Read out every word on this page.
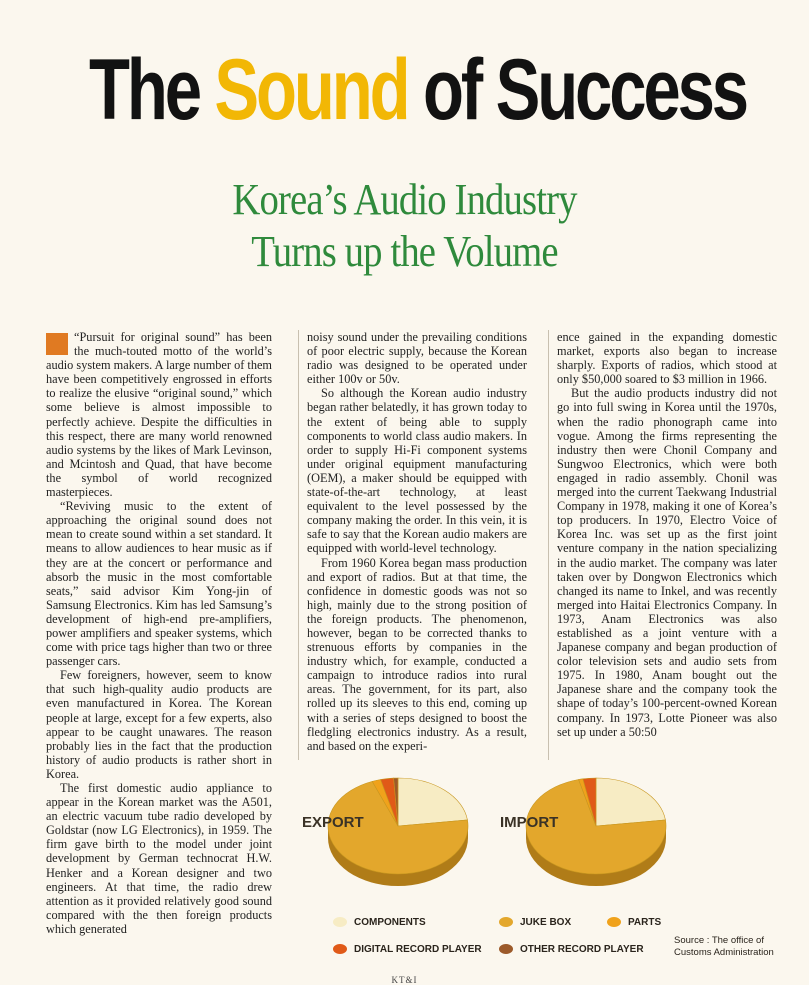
The Sound of Success
Korea’s Audio Industry
Turns up the Volume

“Pursuit for original sound” has been the much-touted motto of the world’s audio system makers. A large number of them have been competitively engrossed in efforts to realize the elusive “original sound,” which some believe is almost impossible to perfectly achieve. Despite the difficulties in this respect, there are many world renowned audio systems by the likes of Mark Levinson, and Mcintosh and Quad, that have become the symbol of world recognized masterpieces.

“Reviving music to the extent of approaching the original sound does not mean to create sound within a set standard. It means to allow audiences to hear music as if they are at the concert or performance and absorb the music in the most comfortable seats,” said advisor Kim Yong-jin of Samsung Electronics. Kim has led Samsung’s development of high-end pre-amplifiers, power amplifiers and speaker systems, which come with price tags higher than two or three passenger cars.

Few foreigners, however, seem to know that such high-quality audio products are even manufactured in Korea. The Korean people at large, except for a few experts, also appear to be caught unawares. The reason probably lies in the fact that the production history of audio products is rather short in Korea.

The first domestic audio appliance to appear in the Korean market was the A501, an electric vacuum tube radio developed by Goldstar (now LG Electronics), in 1959. The firm gave birth to the model under joint development by German technocrat H.W. Henker and a Korean designer and two engineers. At that time, the radio drew attention as it provided relatively good sound compared with the then foreign products which generated

noisy sound under the prevailing conditions of poor electric supply, because the Korean radio was designed to be operated under either 100v or 50v.

So although the Korean audio industry began rather belatedly, it has grown today to the extent of being able to supply components to world class audio makers. In order to supply Hi-Fi component systems under original equipment manufacturing (OEM), a maker should be equipped with state-of-the-art technology, at least equivalent to the level possessed by the company making the order. In this vein, it is safe to say that the Korean audio makers are equipped with world-level technology.

From 1960 Korea began mass production and export of radios. But at that time, the confidence in domestic goods was not so high, mainly due to the strong position of the foreign products. The phenomenon, however, began to be corrected thanks to strenuous efforts by companies in the industry which, for example, conducted a campaign to introduce radios into rural areas. The government, for its part, also rolled up its sleeves to this end, coming up with a series of steps designed to boost the fledgling electronics industry. As a result, and based on the experi-

ence gained in the expanding domestic market, exports also began to increase sharply. Exports of radios, which stood at only $50,000 soared to $3 million in 1966.

But the audio products industry did not go into full swing in Korea until the 1970s, when the radio phonograph came into vogue. Among the firms representing the industry then were Chonil Company and Sungwoo Electronics, which were both engaged in radio assembly. Chonil was merged into the current Taekwang Industrial Company in 1978, making it one of Korea’s top producers. In 1970, Electro Voice of Korea Inc. was set up as the first joint venture company in the nation specializing in the audio market. The company was later taken over by Dongwon Electronics which changed its name to Inkel, and was recently merged into Haitai Electronics Company. In 1973, Anam Electronics was also established as a joint venture with a Japanese company and began production of color television sets and audio sets from 1975. In 1980, Anam bought out the Japanese share and the company took the shape of today’s 100-percent-owned Korean company. In 1973, Lotte Pioneer was also set up under a 50:50

EXPORT	IMPORT
COMPONENTS	JUKE BOX	PARTS
DIGITAL RECORD PLAYER	OTHER RECORD PLAYER
Source : The office of
Customs Administration
KT&I
